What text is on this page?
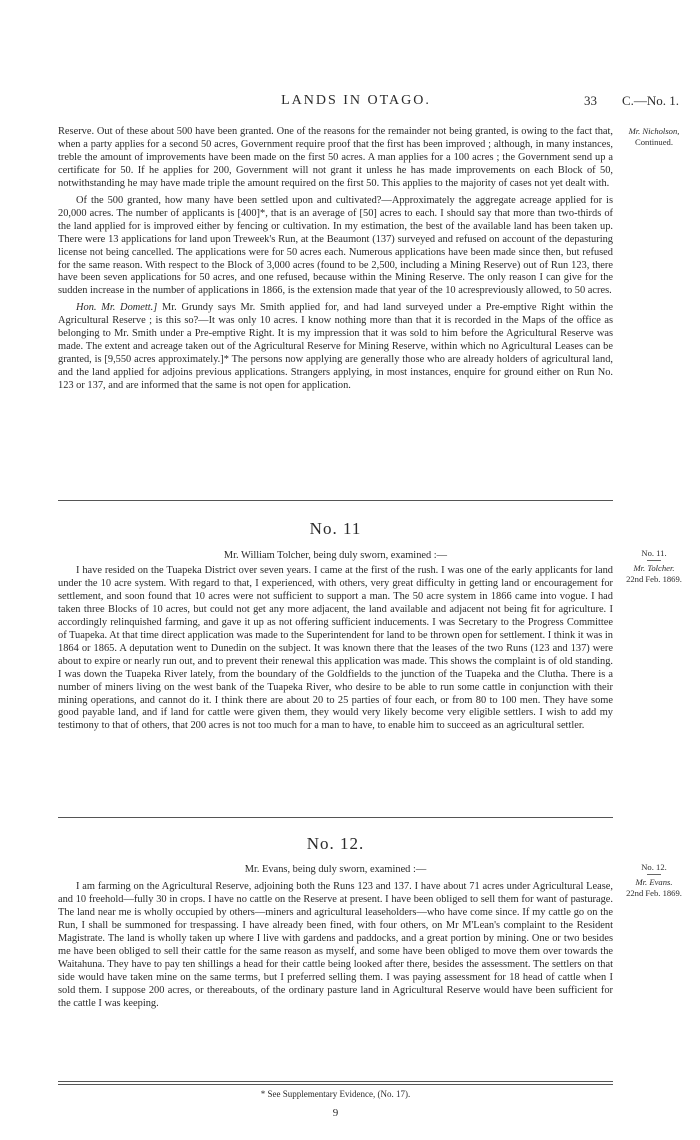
LANDS IN OTAGO.	33 C.—No. 1.

Reserve. Out of these about 500 have been granted. One of the reasons for the remainder not being granted, is owing to the fact that, when a party applies for a second 50 acres, Government require proof that the first has been improved ; although, in many instances, treble the amount of improvements have been made on the first 50 acres. A man applies for a 100 acres ; the Government send up a certificate for 50. If he applies for 200, Government will not grant it unless he has made improvements on each Block of 50, notwithstanding he may have made triple the amount required on the first 50. This applies to the majority of cases not yet dealt with.

Of the 500 granted, how many have been settled upon and cultivated?—Approximately the aggregate acreage applied for is 20,000 acres. The number of applicants is [400]*, that is an average of [50] acres to each. I should say that more than two-thirds of the land applied for is improved either by fencing or cultivation. In my estimation, the best of the available land has been taken up. There were 13 applications for land upon Treweek's Run, at the Beaumont (137) surveyed and refused on account of the depasturing license not being cancelled. The applications were for 50 acres each. Numerous applications have been made since then, but refused for the same reason. With respect to the Block of 3,000 acres (found to be 2,500, including a Mining Reserve) out of Run 123, there have been seven applications for 50 acres, and one refused, because within the Mining Reserve. The only reason I can give for the sudden increase in the number of applications in 1866, is the extension made that year of the 10 acrespreviously allowed, to 50 acres.

Hon. Mr. Domett.] Mr. Grundy says Mr. Smith applied for, and had land surveyed under a Pre-emptive Right within the Agricultural Reserve ; is this so?—It was only 10 acres. I know nothing more than that it is recorded in the Maps of the office as belonging to Mr. Smith under a Pre-emptive Right. It is my impression that it was sold to him before the Agricultural Reserve was made. The extent and acreage taken out of the Agricultural Reserve for Mining Reserve, within which no Agricultural Leases can be granted, is [9,550 acres approximately.]* The persons now applying are generally those who are already holders of agricultural land, and the land applied for adjoins previous applications. Strangers applying, in most instances, enquire for ground either on Run No. 123 or 137, and are informed that the same is not open for application.

Mr. Nicholson,
Continued.
No. 11
Mr. William Tolcher, being duly sworn, examined :—

I have resided on the Tuapeka District over seven years. I came at the first of the rush. I was one of the early applicants for land under the 10 acre system. With regard to that, I experienced, with others, very great difficulty in getting land or encouragement for settlement, and soon found that 10 acres were not sufficient to support a man. The 50 acre system in 1866 came into vogue. I had taken three Blocks of 10 acres, but could not get any more adjacent, the land available and adjacent not being fit for agriculture. I accordingly relinquished farming, and gave it up as not offering sufficient inducements. I was Secretary to the Progress Committee of Tuapeka. At that time direct application was made to the Superintendent for land to be thrown open for settlement. I think it was in 1864 or 1865. A deputation went to Dunedin on the subject. It was known there that the leases of the two Runs (123 and 137) were about to expire or nearly run out, and to prevent their renewal this application was made. This shows the complaint is of old standing. I was down the Tuapeka River lately, from the boundary of the Goldfields to the junction of the Tuapeka and the Cluthа. There is a number of miners living on the west bank of the Tuapeka River, who desire to be able to run some cattle in conjunction with their mining operations, and cannot do it. I think there are about 20 to 25 parties of four each, or from 80 to 100 men. They have some good payable land, and if land for cattle were given them, they would very likely become very eligible settlers. I wish to add my testimony to that of others, that 200 acres is not too much for a man to have, to enable him to succeed as an agricultural settler.

No. 11.
Mr. Tolcher.
22nd Feb. 1869.
No. 12.
Mr. Evans, being duly sworn, examined :—

I am farming on the Agricultural Reserve, adjoining both the Runs 123 and 137. I have about 71 acres under Agricultural Lease, and 10 freehold—fully 30 in crops. I have no cattle on the Reserve at present. I have been obliged to sell them for want of pasturage. The land near me is wholly occupied by others—miners and agricultural leaseholders—who have come since. If my cattle go on the Run, I shall be summoned for trespassing. I have already been fined, with four others, on Mr M'Lean's complaint to the Resident Magistrate. The land is wholly taken up where I live with gardens and paddocks, and a great portion by mining. One or two besides me have been obliged to sell their cattle for the same reason as myself, and some have been obliged to move them over towards the Waitahuna. They have to pay ten shillings a head for their cattle being looked after there, besides the assessment. The settlers on that side would have taken mine on the same terms, but I preferred selling them. I was paying assessment for 18 head of cattle when I sold them. I suppose 200 acres, or thereabouts, of the ordinary pasture land in Agricultural Reserve would have been sufficient for the cattle I was keeping.

No. 12.
Mr. Evans.
22nd Feb. 1869.
* See Supplementary Evidence, (No. 17).
9
